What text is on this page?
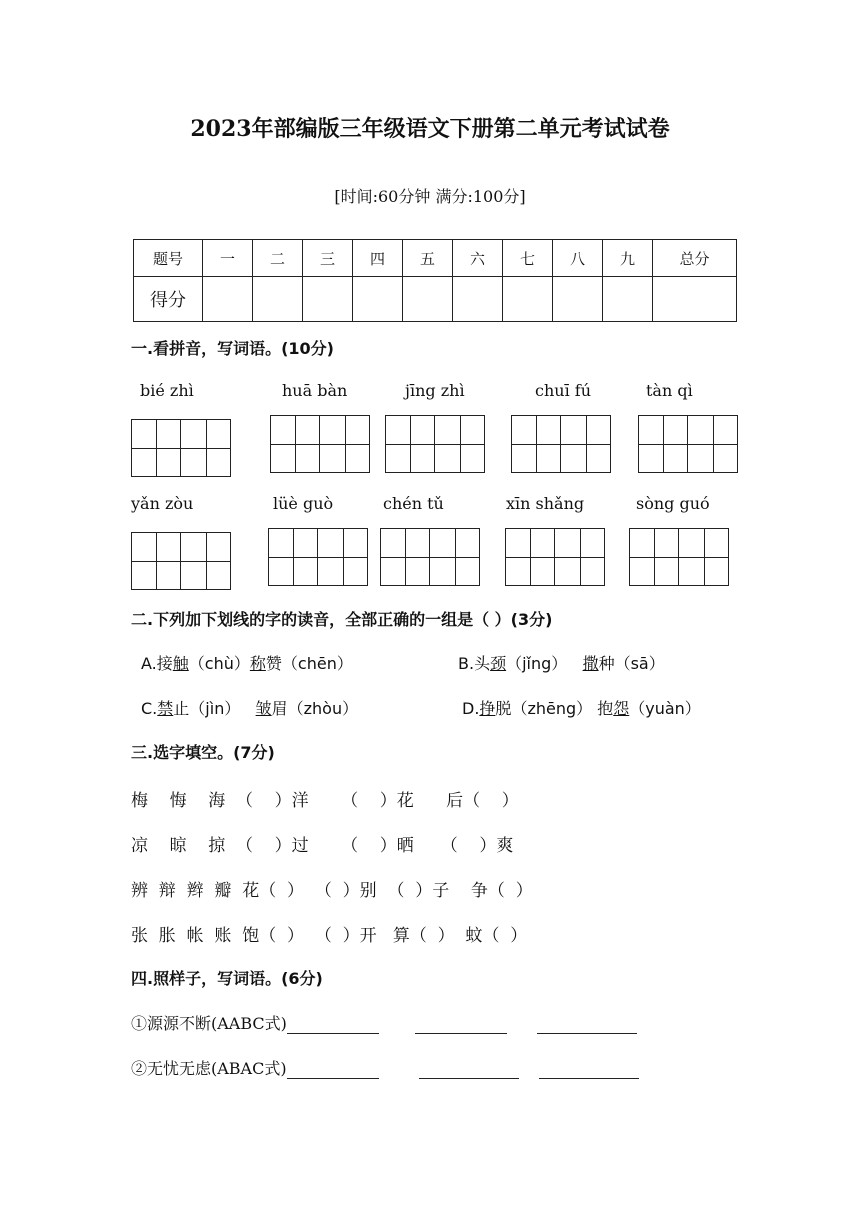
2023年部编版三年级语文下册第二单元考试试卷
[时间:60分钟 满分:100分]
题号	一	二	三	四	五	六	七	八	九	总分
得分										
一.看拼音，写词语。(10分)
bié zhì	huā bàn	jīng zhì	chuī fú	tàn qì
yǎn zòu	lüè guò	chén tǔ	xīn shǎng	sòng guó
二.下列加下划线的字的读音，全部正确的一组是（ ）(3分)
A.接触（chù）称赞（chēn）	B.头颈（jǐng） 撒种（sā）
C.禁止（jìn） 皱眉（zhòu）	D.挣脱（zhēng） 抱怨（yuàn）
三.选字填空。(7分)
梅    悔    海  （    ）洋      （    ）花      后（    ）
凉    晾    掠  （    ）过      （    ）晒     （    ）爽
辨  辩  辫  瓣  花（  ）  （  ）别  （  ）子    争（  ）
张  胀  帐  账  饱（  ）  （  ）开   算（  ）  蚊（  ）
四.照样子，写词语。(6分)
①源源不断(AABC式)
②无忧无虑(ABAC式)
